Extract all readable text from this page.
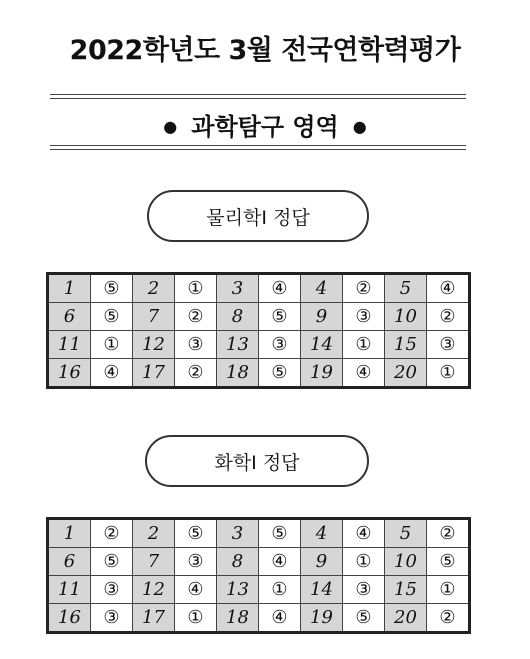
2022학년도 3월 전국연학력평가
● 과학탐구 영역 ●
물리학Ⅰ 정답
1	⑤	2	①	3	④	4	②	5	④
6	⑤	7	②	8	⑤	9	③	10	②
11	①	12	③	13	③	14	①	15	③
16	④	17	②	18	⑤	19	④	20	①
화학Ⅰ 정답
1	②	2	⑤	3	⑤	4	④	5	②
6	⑤	7	③	8	④	9	①	10	⑤
11	③	12	④	13	①	14	③	15	①
16	③	17	①	18	④	19	⑤	20	②
